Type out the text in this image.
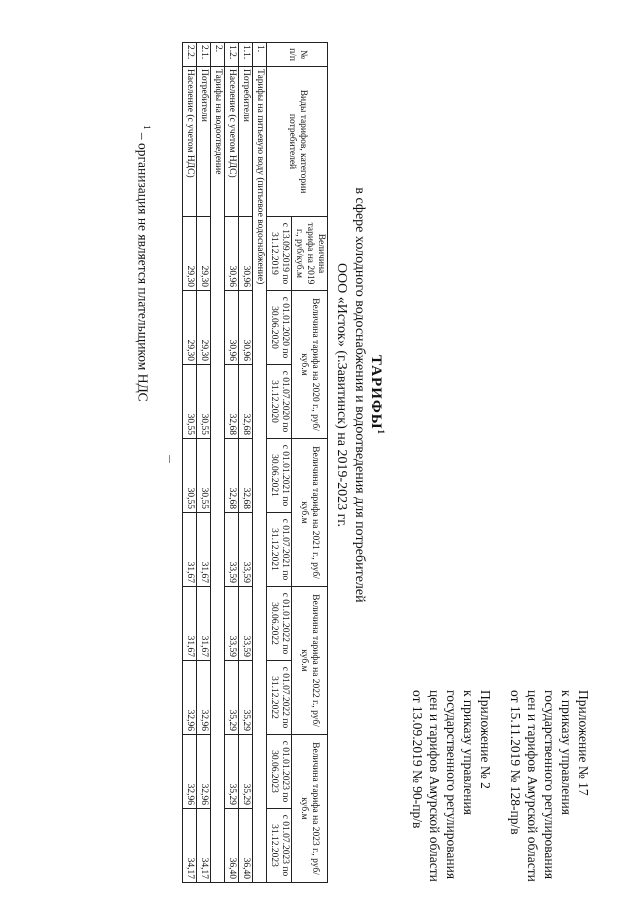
Приложение № 17
к приказу управления
государственного регулирования
цен и тарифов Амурской области
от 15.11.2019 № 128-пр/в
Приложение № 2
к приказу управления
государственного регулирования
цен и тарифов Амурской области
от 13.09.2019 № 90-пр/в
ТАРИФЫ$^1$
в сфере холодного водоснабжения и водоотведения для потребителей
ООО «Исток» (г.Завитинск) на 2019-2023 гг.
№ п/п	Виды тарифов, категории потребителей	Величина тарифа на 2019 г., руб/куб.м	Величина тарифа на 2020 г., руб/куб.м		Величина тарифа на 2021 г., руб/куб.м		Величина тарифа на 2022 г., руб/куб.м		Величина тарифа на 2023 г., руб/куб.м	
		с 13.09.2019 по 31.12.2019	с 01.01.2020 по 30.06.2020	с 01.07.2020 по 31.12.2020	с 01.01.2021 по 30.06.2021	с 01.07.2021 по 31.12.2021	с 01.01.2022 по 30.06.2022	с 01.07.2022 по 31.12.2022	с 01.01.2023 по 30.06.2023	с 01.07.2023 по 31.12.2023
1.	Тарифы на питьевую воду (питьевое водоснабжение)									
1.1.	Потребители	30,96	30,96	32,68	32,68	33,59	33,59	35,29	35,29	36,40
1.2.	Население (с учетом НДС)	30,96	30,96	32,68	32,68	33,59	33,59	35,29	35,29	36,40
2.	Тарифы на водоотведение									
2.1.	Потребители	29,30	29,30	30,55	30,55	31,67	31,67	32,96	32,96	34,17
2.2.	Население (с учетом НДС)	29,30	29,30	30,55	30,55	31,67	31,67	32,96	32,96	34,17
$^1$ – организация не является плательщиком НДС
